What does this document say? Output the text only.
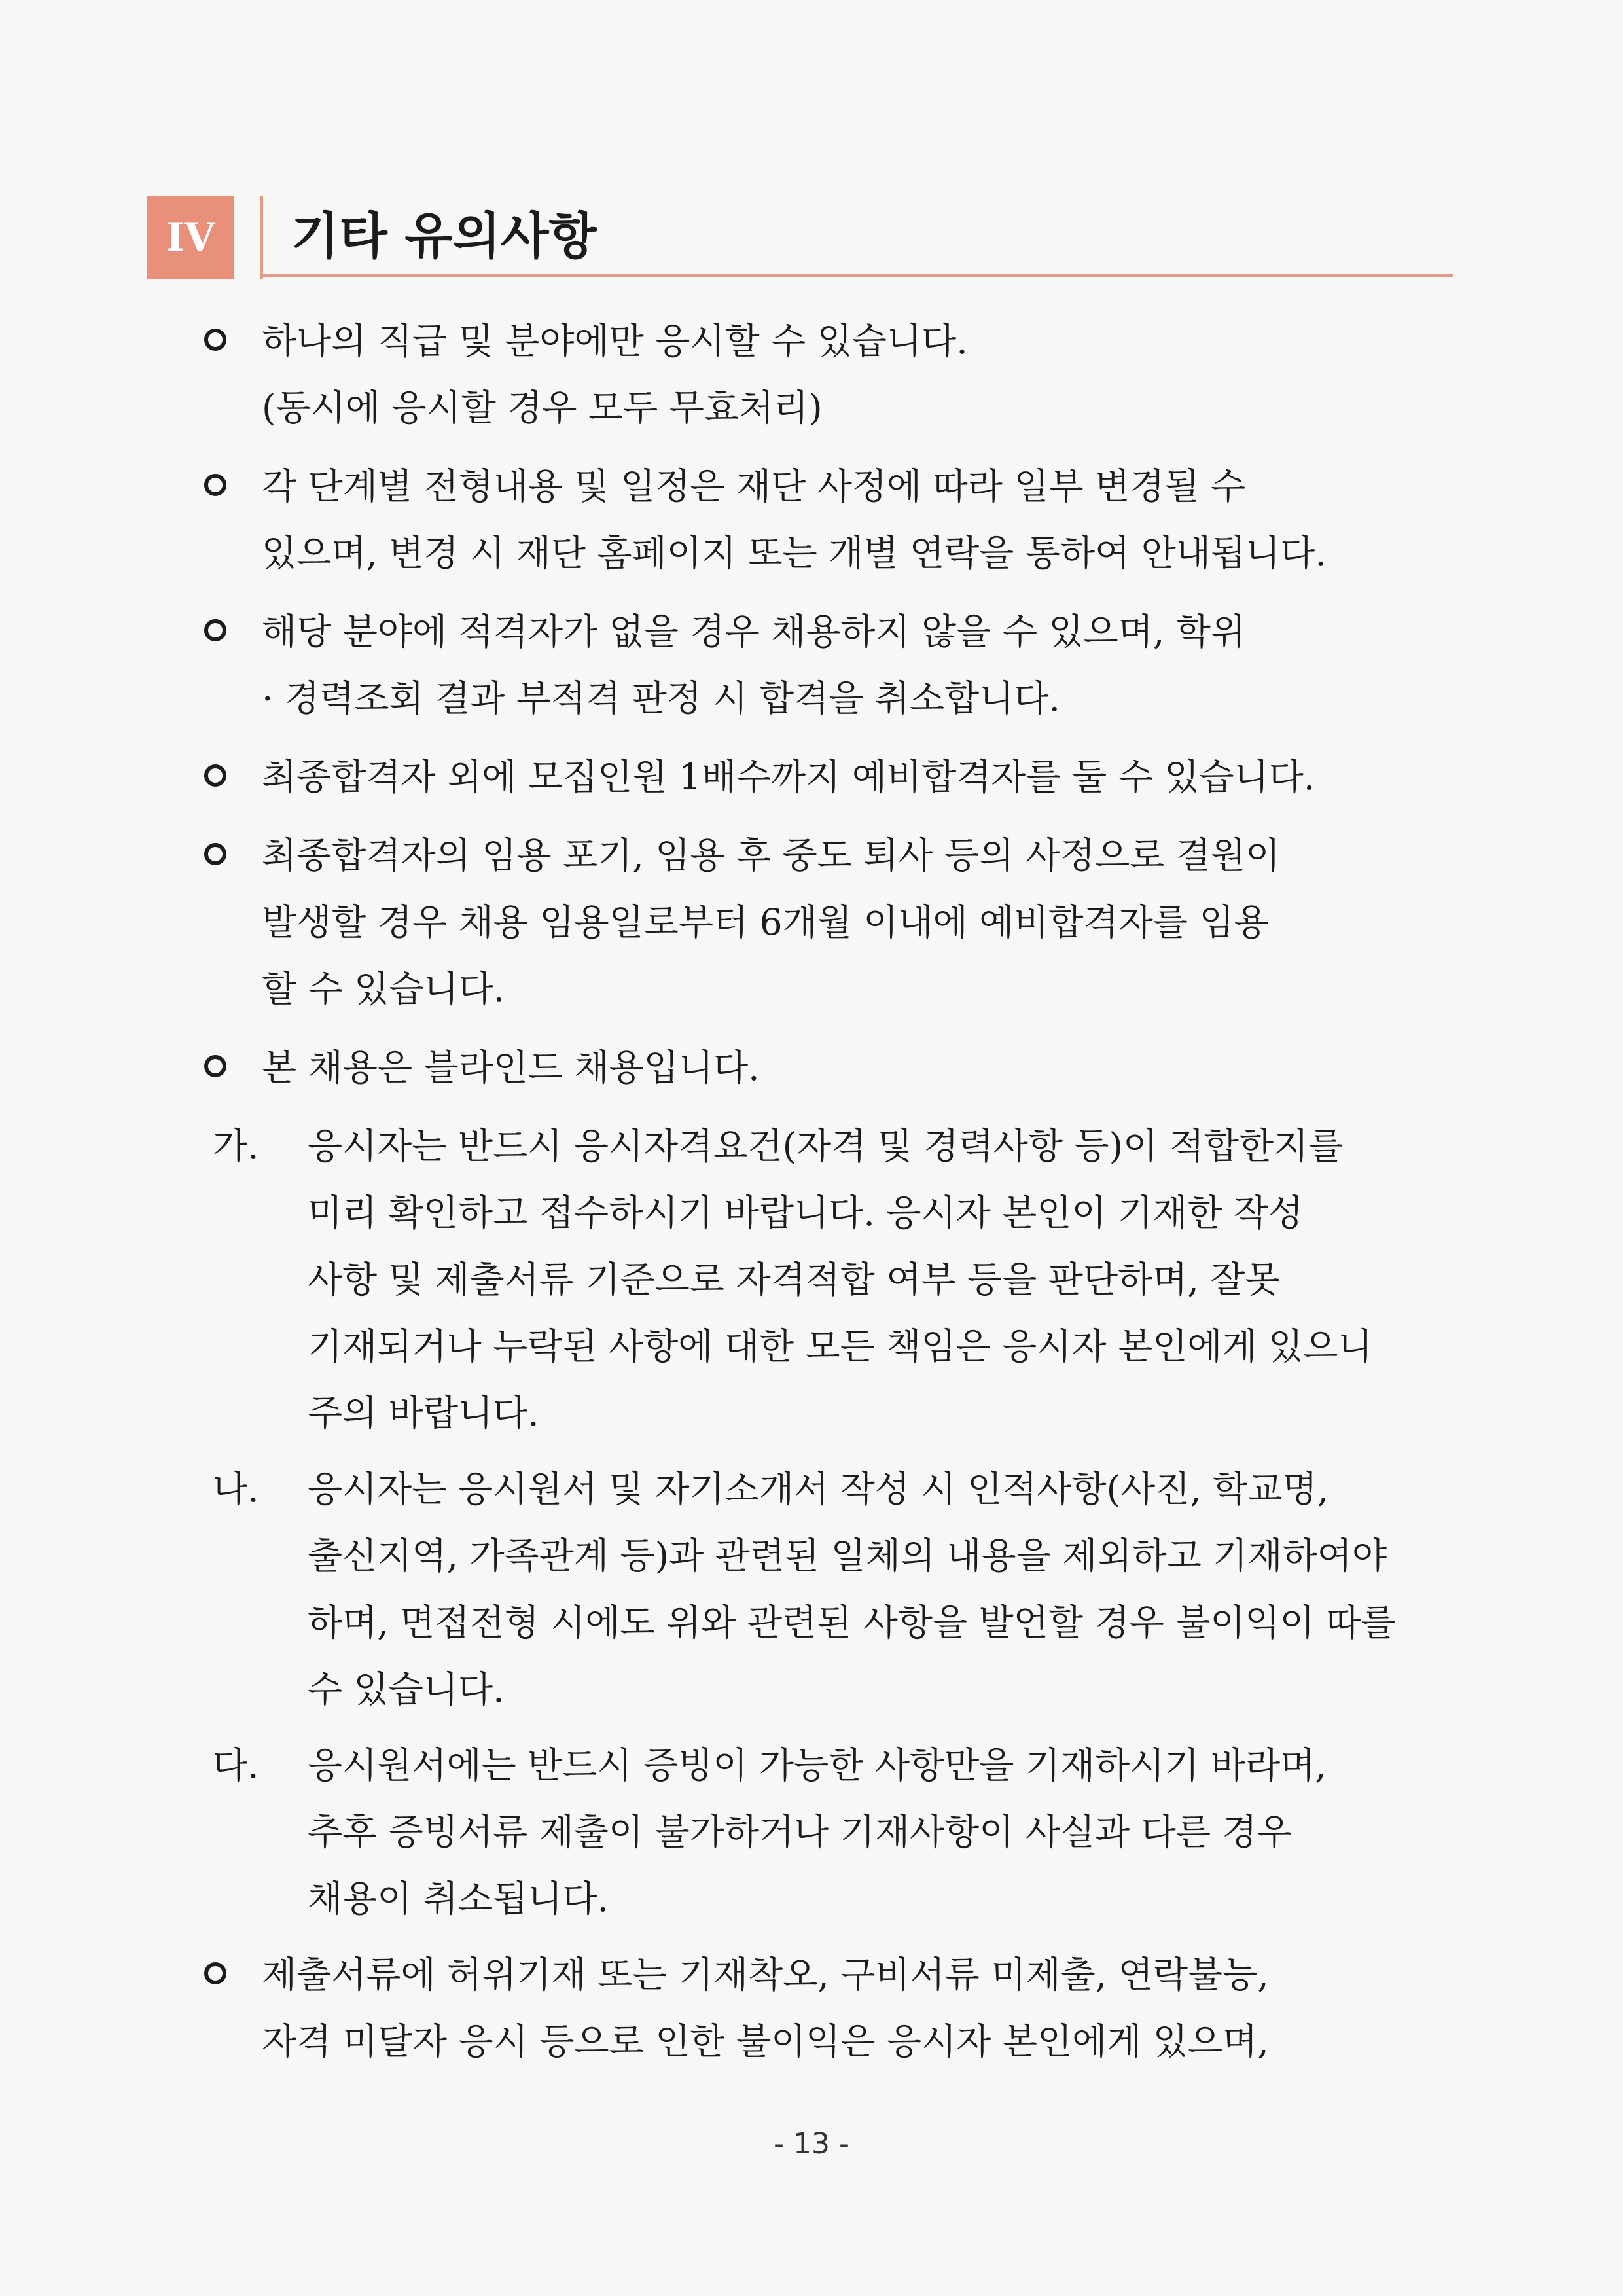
IV	기타 유의사항
하나의 직급 및 분야에만 응시할 수 있습니다.
(동시에 응시할 경우 모두 무효처리)
각 단계별 전형내용 및 일정은 재단 사정에 따라 일부 변경될 수
있으며, 변경 시 재단 홈페이지 또는 개별 연락을 통하여 안내됩니다.
해당 분야에 적격자가 없을 경우 채용하지 않을 수 있으며, 학위
· 경력조회 결과 부적격 판정 시 합격을 취소합니다.
최종합격자 외에 모집인원 1배수까지 예비합격자를 둘 수 있습니다.
최종합격자의 임용 포기, 임용 후 중도 퇴사 등의 사정으로 결원이
발생할 경우 채용 임용일로부터 6개월 이내에 예비합격자를 임용
할 수 있습니다.
본 채용은 블라인드 채용입니다.
가. 응시자는 반드시 응시자격요건(자격 및 경력사항 등)이 적합한지를
미리 확인하고 접수하시기 바랍니다. 응시자 본인이 기재한 작성
사항 및 제출서류 기준으로 자격적합 여부 등을 판단하며, 잘못
기재되거나 누락된 사항에 대한 모든 책임은 응시자 본인에게 있으니
주의 바랍니다.
나. 응시자는 응시원서 및 자기소개서 작성 시 인적사항(사진, 학교명,
출신지역, 가족관계 등)과 관련된 일체의 내용을 제외하고 기재하여야
하며, 면접전형 시에도 위와 관련된 사항을 발언할 경우 불이익이 따를
수 있습니다.
다. 응시원서에는 반드시 증빙이 가능한 사항만을 기재하시기 바라며,
추후 증빙서류 제출이 불가하거나 기재사항이 사실과 다른 경우
채용이 취소됩니다.
제출서류에 허위기재 또는 기재착오, 구비서류 미제출, 연락불능,
자격 미달자 응시 등으로 인한 불이익은 응시자 본인에게 있으며,
- 13 -
